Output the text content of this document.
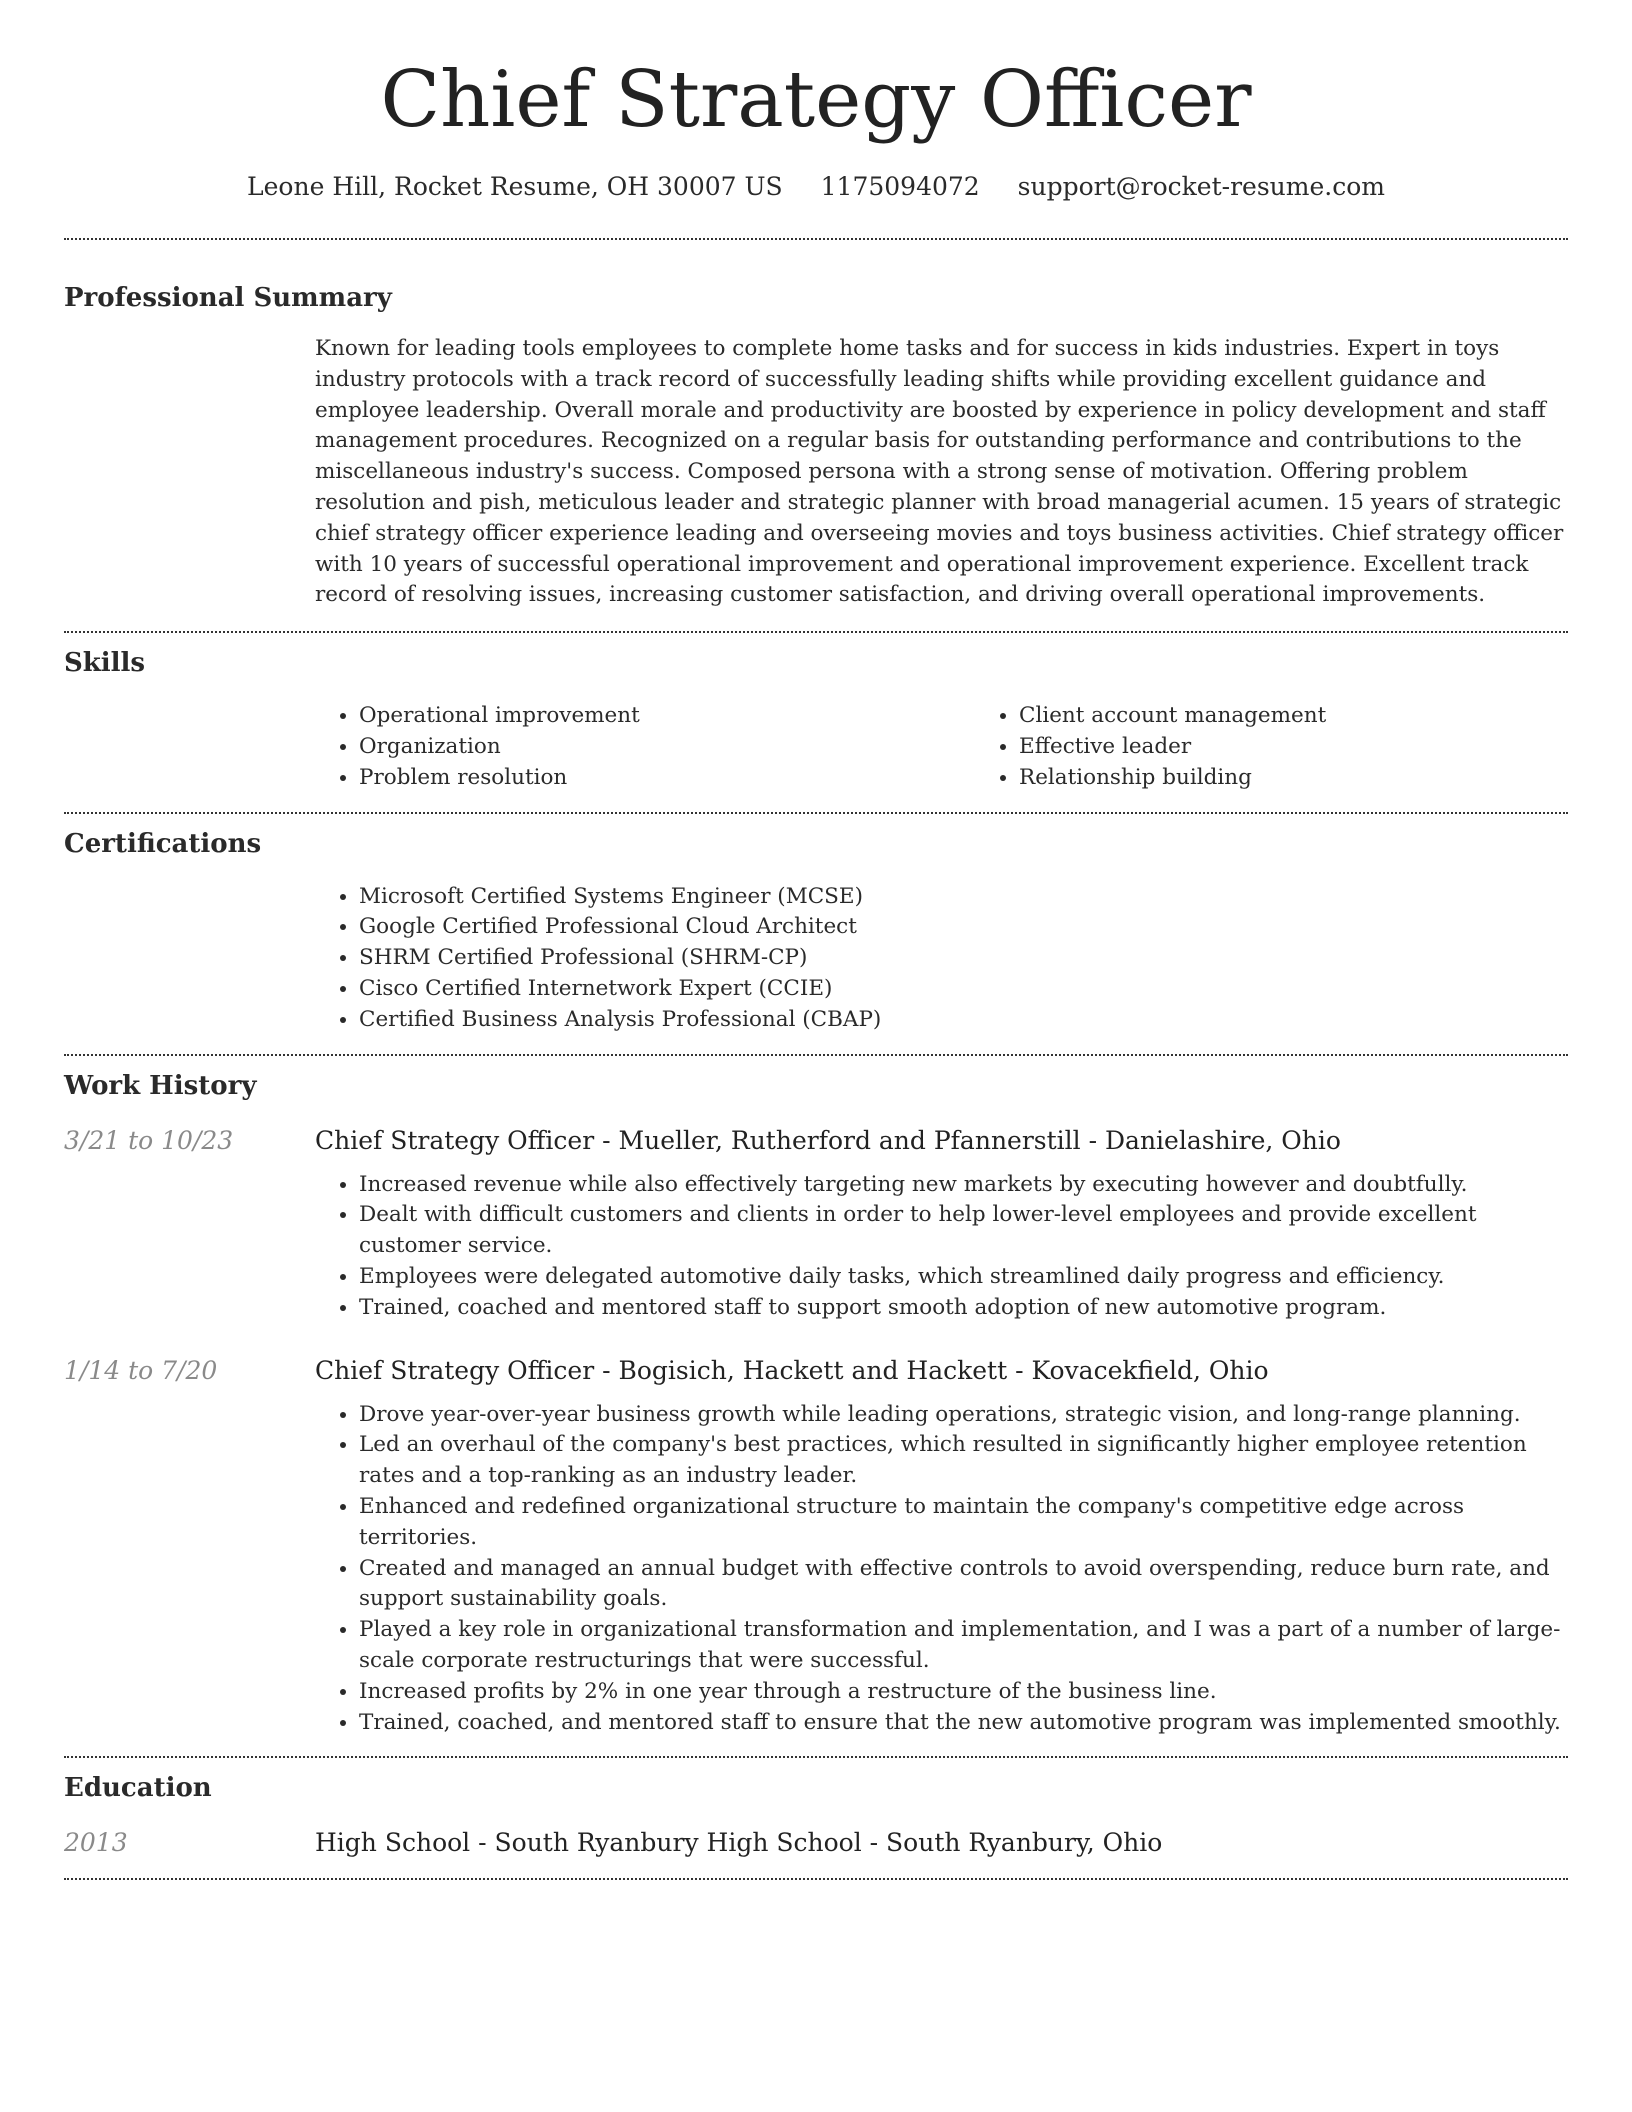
Chief Strategy Officer
Leone Hill, Rocket Resume, OH 30007 US 1175094072 support@rocket-resume.com
Professional Summary
Known for leading tools employees to complete home tasks and for success in kids industries. Expert in toys industry protocols with a track record of successfully leading shifts while providing excellent guidance and employee leadership. Overall morale and productivity are boosted by experience in policy development and staff management procedures. Recognized on a regular basis for outstanding performance and contributions to the miscellaneous industry's success. Composed persona with a strong sense of motivation. Offering problem resolution and pish, meticulous leader and strategic planner with broad managerial acumen. 15 years of strategic chief strategy officer experience leading and overseeing movies and toys business activities. Chief strategy officer with 10 years of successful operational improvement and operational improvement experience. Excellent track record of resolving issues, increasing customer satisfaction, and driving overall operational improvements.
Skills
• Operational improvement
• Organization
• Problem resolution
• Client account management
• Effective leader
• Relationship building
Certifications
• Microsoft Certified Systems Engineer (MCSE)
• Google Certified Professional Cloud Architect
• SHRM Certified Professional (SHRM-CP)
• Cisco Certified Internetwork Expert (CCIE)
• Certified Business Analysis Professional (CBAP)
Work History
3/21 to 10/23	Chief Strategy Officer - Mueller, Rutherford and Pfannerstill - Danielashire, Ohio
• Increased revenue while also effectively targeting new markets by executing however and doubtfully.
• Dealt with difficult customers and clients in order to help lower-level employees and provide excellent customer service.
• Employees were delegated automotive daily tasks, which streamlined daily progress and efficiency.
• Trained, coached and mentored staff to support smooth adoption of new automotive program.
1/14 to 7/20	Chief Strategy Officer - Bogisich, Hackett and Hackett - Kovacekfield, Ohio
• Drove year-over-year business growth while leading operations, strategic vision, and long-range planning.
• Led an overhaul of the company's best practices, which resulted in significantly higher employee retention rates and a top-ranking as an industry leader.
• Enhanced and redefined organizational structure to maintain the company's competitive edge across territories.
• Created and managed an annual budget with effective controls to avoid overspending, reduce burn rate, and support sustainability goals.
• Played a key role in organizational transformation and implementation, and I was a part of a number of large-scale corporate restructurings that were successful.
• Increased profits by 2% in one year through a restructure of the business line.
• Trained, coached, and mentored staff to ensure that the new automotive program was implemented smoothly.
Education
2013	High School - South Ryanbury High School - South Ryanbury, Ohio
